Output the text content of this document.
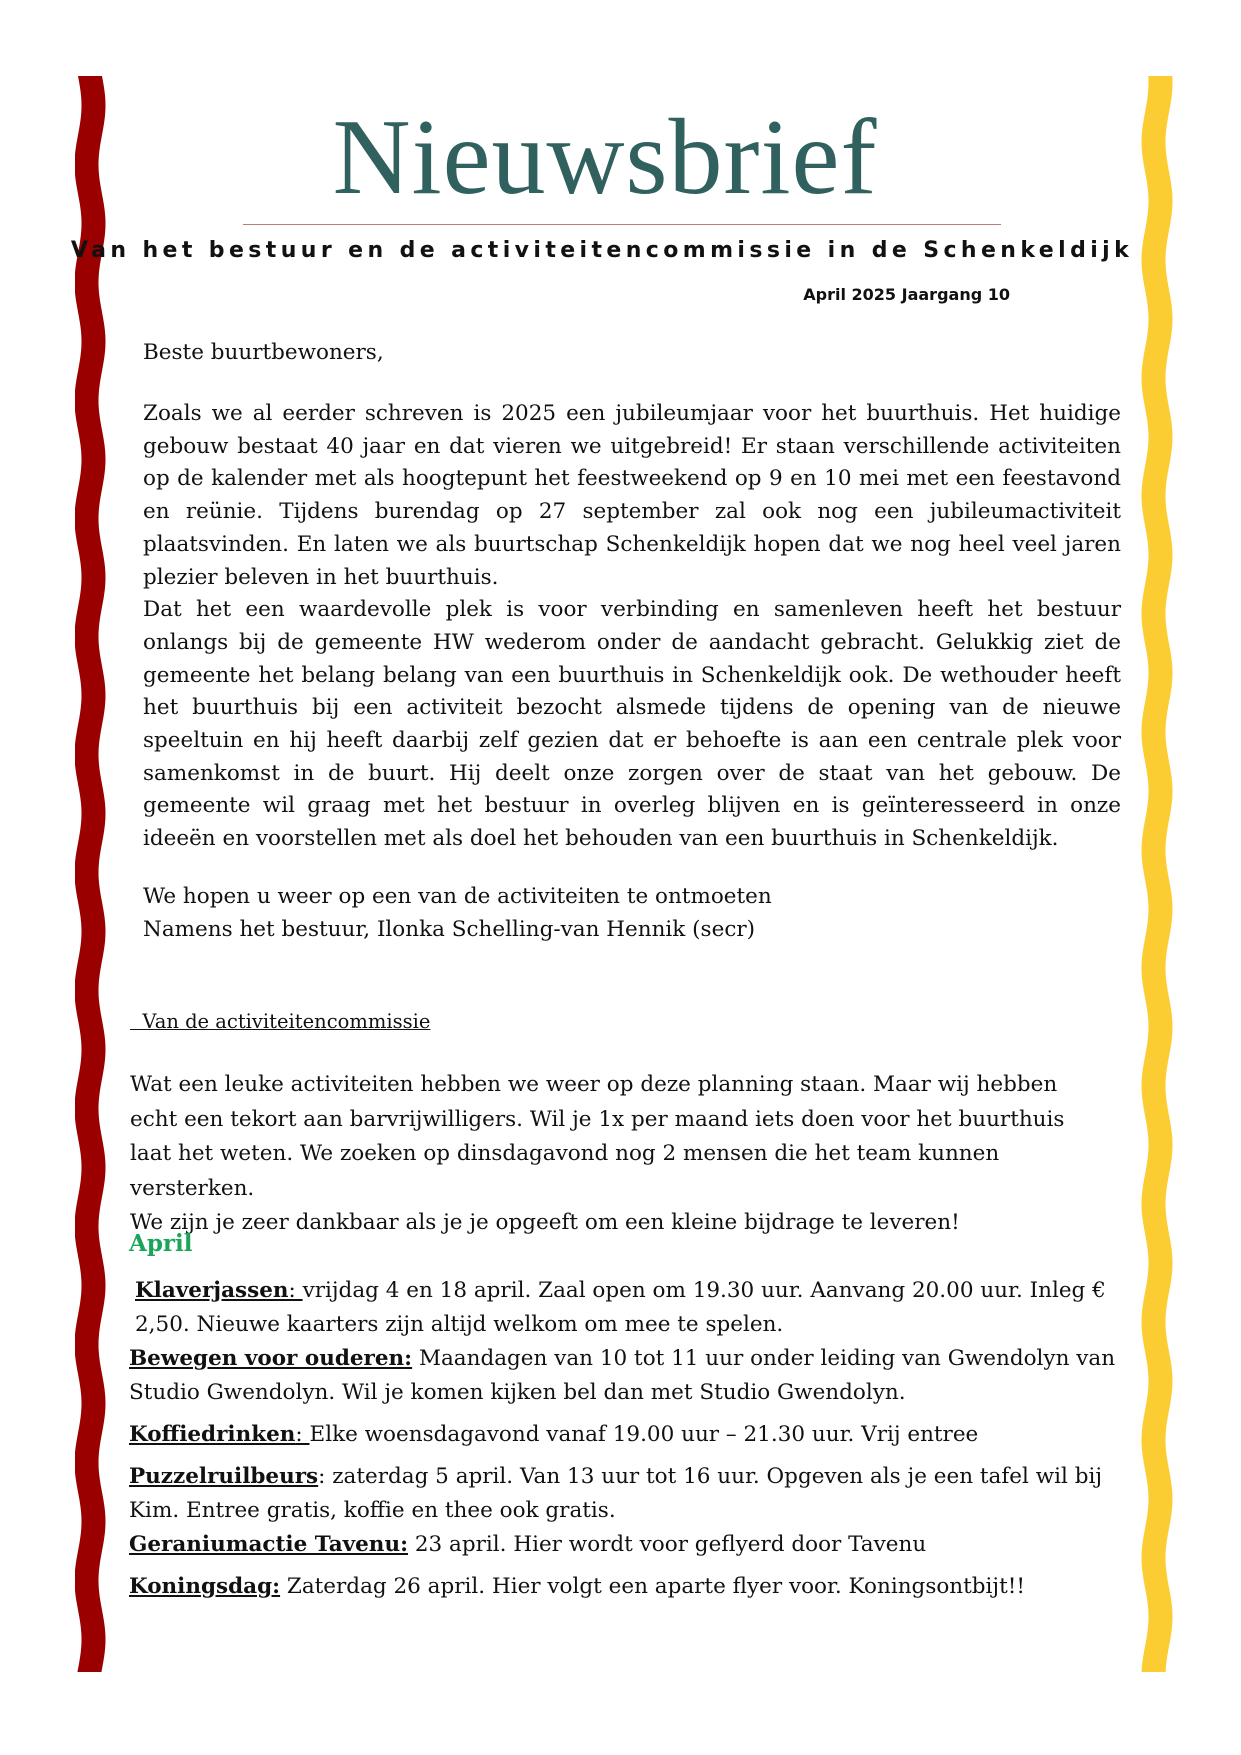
Nieuwsbrief
Van het bestuur en de activiteitencommissie in de Schenkeldijk
April 2025 Jaargang 10

Beste buurtbewoners,

Zoals we al eerder schreven is 2025 een jubileumjaar voor het buurthuis. Het huidige gebouw bestaat 40 jaar en dat vieren we uitgebreid! Er staan verschillende activiteiten op de kalender met als hoogtepunt het feestweekend op 9 en 10 mei met een feestavond en reünie. Tijdens burendag op 27 september zal ook nog een jubileumactiviteit plaatsvinden. En laten we als buurtschap Schenkeldijk hopen dat we nog heel veel jaren plezier beleven in het buurthuis.
Dat het een waardevolle plek is voor verbinding en samenleven heeft het bestuur onlangs bij de gemeente HW wederom onder de aandacht gebracht. Gelukkig ziet de gemeente het belang belang van een buurthuis in Schenkeldijk ook. De wethouder heeft het buurthuis bij een activiteit bezocht alsmede tijdens de opening van de nieuwe speeltuin en hij heeft daarbij zelf gezien dat er behoefte is aan een centrale plek voor samenkomst in de buurt. Hij deelt onze zorgen over de staat van het gebouw. De gemeente wil graag met het bestuur in overleg blijven en is geïnteresseerd in onze ideeën en voorstellen met als doel het behouden van een buurthuis in Schenkeldijk.
We hopen u weer op een van de activiteiten te ontmoeten
Namens het bestuur, Ilonka Schelling-van Hennik (secr)

Van de activiteitencommissie

Wat een leuke activiteiten hebben we weer op deze planning staan. Maar wij hebben echt een tekort aan barvrijwilligers. Wil je 1x per maand iets doen voor het buurthuis laat het weten. We zoeken op dinsdagavond nog 2 mensen die het team kunnen versterken.
We zijn je zeer dankbaar als je je opgeeft om een kleine bijdrage te leveren!

April

Klaverjassen: vrijdag 4 en 18 april. Zaal open om 19.30 uur. Aanvang 20.00 uur. Inleg € 2,50. Nieuwe kaarters zijn altijd welkom om mee te spelen.

Bewegen voor ouderen: Maandagen van 10 tot 11 uur onder leiding van Gwendolyn van Studio Gwendolyn. Wil je komen kijken bel dan met Studio Gwendolyn.

Koffiedrinken: Elke woensdagavond vanaf 19.00 uur – 21.30 uur. Vrij entree

Puzzelruilbeurs: zaterdag 5 april. Van 13 uur tot 16 uur. Opgeven als je een tafel wil bij Kim. Entree gratis, koffie en thee ook gratis.

Geraniumactie Tavenu: 23 april. Hier wordt voor geflyerd door Tavenu

Koningsdag: Zaterdag 26 april. Hier volgt een aparte flyer voor. Koningsontbijt!!
